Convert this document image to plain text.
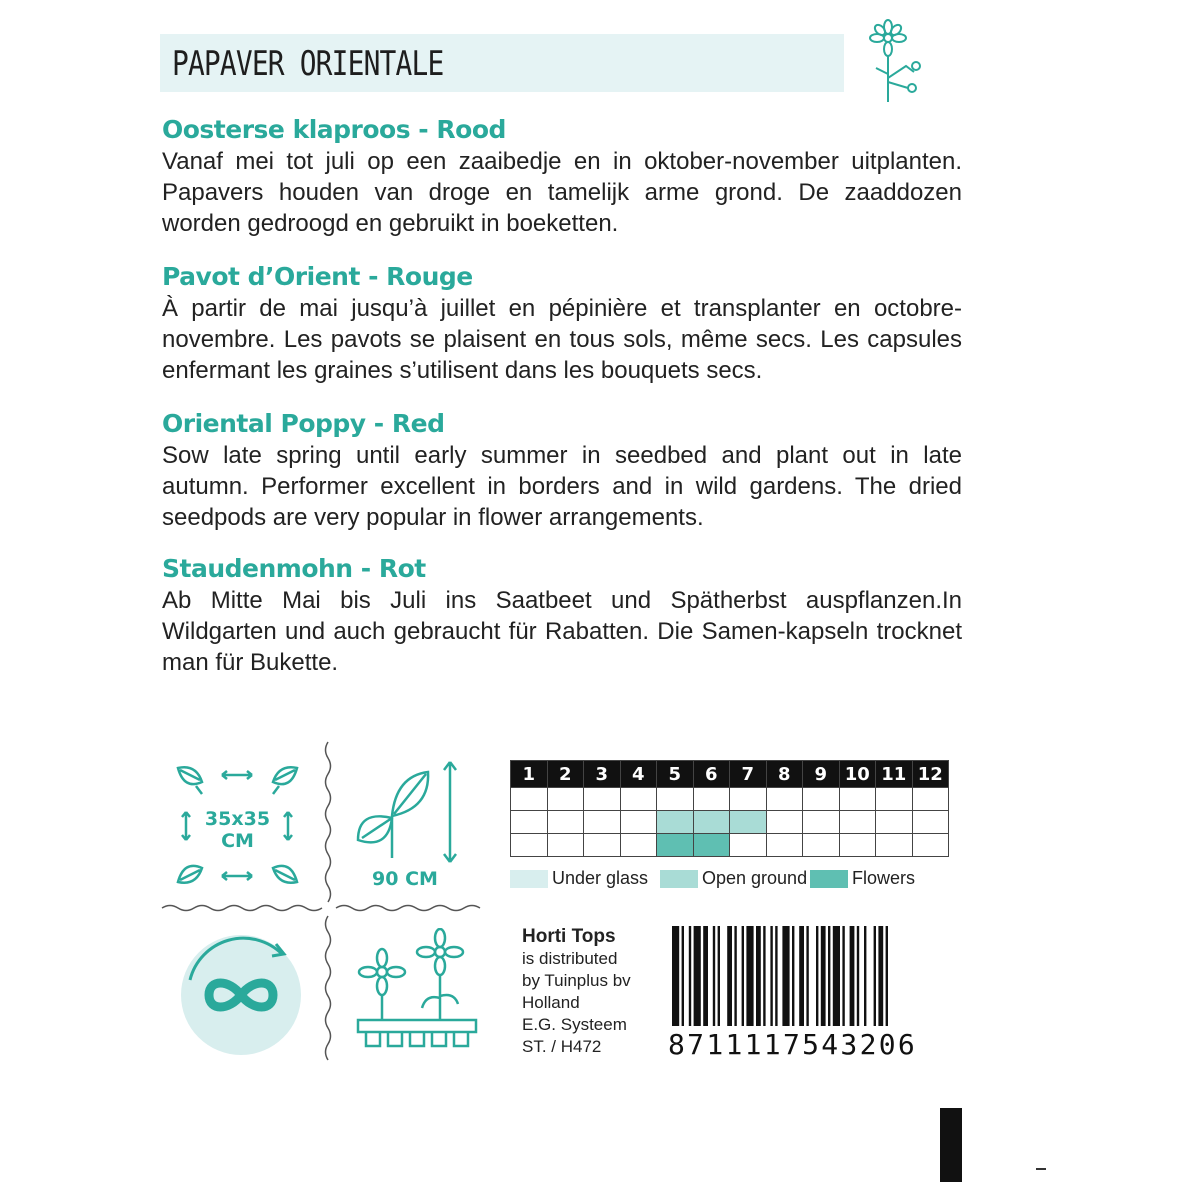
PAPAVER ORIENTALE
Oosterse klaproos - Rood

Vanaf mei tot juli op een zaaibedje en in oktober-november uitplanten. Papavers houden van droge en tamelijk arme grond. De zaaddozen worden gedroogd en gebruikt in boeketten.

Pavot d’Orient - Rouge

À partir de mai jusqu’à juillet en pépinière et transplanter en octobre-novembre. Les pavots se plaisent en tous sols, même secs. Les capsules enfermant les graines s’utilisent dans les bouquets secs.

Oriental Poppy - Red

Sow late spring until early summer in seedbed and plant out in late autumn. Performer excellent in borders and in wild gardens. The dried seedpods are very popular in flower arrangements.

Staudenmohn - Rot

Ab Mitte Mai bis Juli ins Saatbeet und Spätherbst auspflanzen.In Wildgarten und auch gebraucht für Rabatten. Die Samen-kapseln trocknet man für Bukette.

35x35
CM
90 CM
1	2	3	4	5	6	7	8	9	10	11	12

Under glass	Open ground Flowers
Horti Tops
is distributed
by Tuinplus bv
Holland
E.G. Systeem
ST. / H472	8711117543206
